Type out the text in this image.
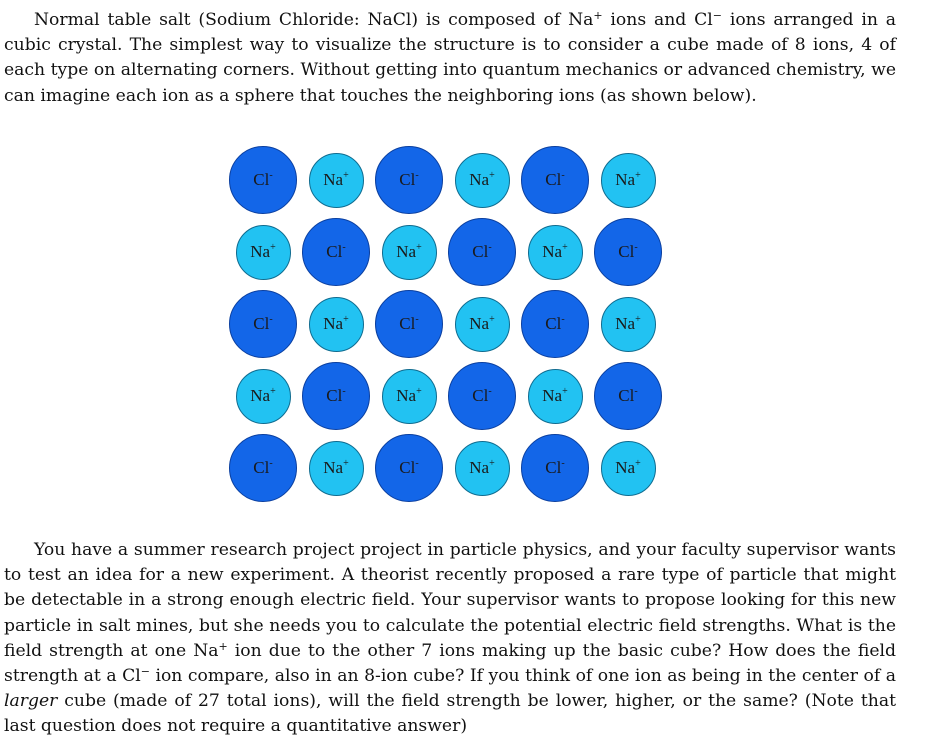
Normal table salt (Sodium Chloride: NaCl) is composed of Na+ ions and Cl− ions arranged in a cubic crystal. The simplest way to visualize the structure is to consider a cube made of 8 ions, 4 of each type on alternating corners. Without getting into quantum mechanics or advanced chemistry, we can imagine each ion as a sphere that touches the neighboring ions (as shown below).

Cl-	Na+	Cl-	Na+	Cl-	Na+
Na+	Cl-	Na+	Cl-	Na+	Cl-
Cl-	Na+	Cl-	Na+	Cl-	Na+
Na+	Cl-	Na+	Cl-	Na+	Cl-
Cl-	Na+	Cl-	Na+	Cl-	Na+

You have a summer research project project in particle physics, and your faculty supervisor wants to test an idea for a new experiment. A theorist recently proposed a rare type of particle that might be detectable in a strong enough electric field. Your supervisor wants to propose looking for this new particle in salt mines, but she needs you to calculate the potential electric field strengths. What is the field strength at one Na+ ion due to the other 7 ions making up the basic cube? How does the field strength at a Cl− ion compare, also in an 8-ion cube? If you think of one ion as being in the center of a larger cube (made of 27 total ions), will the field strength be lower, higher, or the same? (Note that last question does not require a quantitative answer)
